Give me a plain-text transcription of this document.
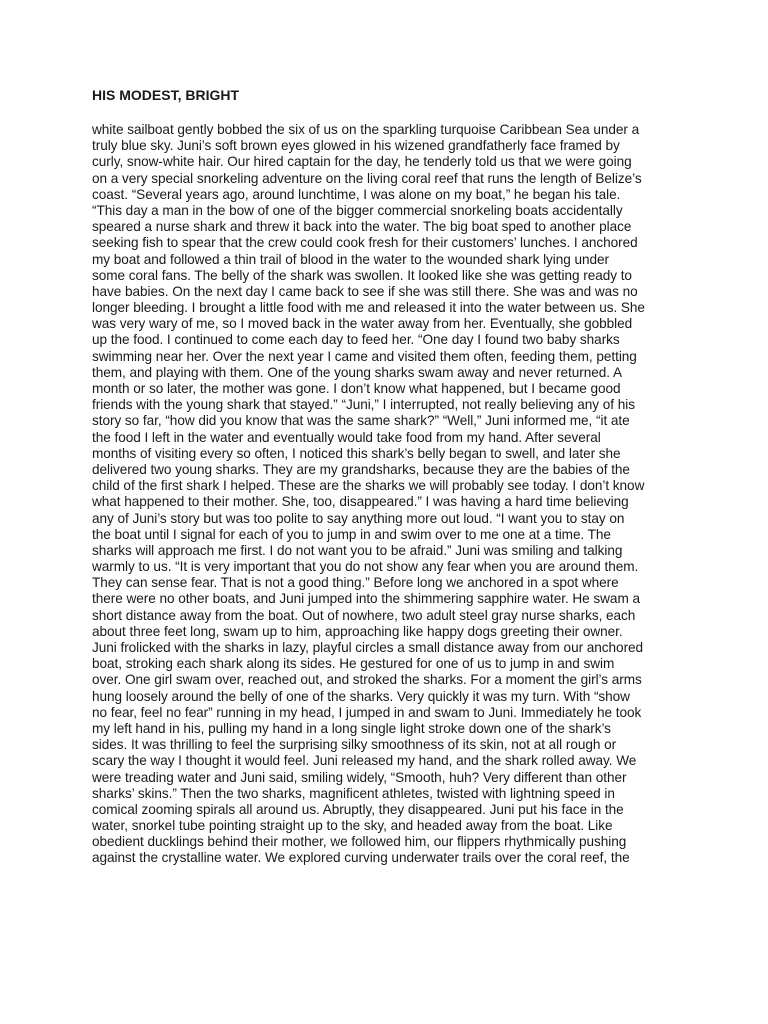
HIS MODEST, BRIGHT
white sailboat gently bobbed the six of us on the sparkling turquoise Caribbean Sea under a
truly blue sky. Juni’s soft brown eyes glowed in his wizened grandfatherly face framed by
curly, snow-white hair. Our hired captain for the day, he tenderly told us that we were going
on a very special snorkeling adventure on the living coral reef that runs the length of Belize’s
coast. “Several years ago, around lunchtime, I was alone on my boat,” he began his tale.
“This day a man in the bow of one of the bigger commercial snorkeling boats accidentally
speared a nurse shark and threw it back into the water. The big boat sped to another place
seeking fish to spear that the crew could cook fresh for their customers’ lunches. I anchored
my boat and followed a thin trail of blood in the water to the wounded shark lying under
some coral fans. The belly of the shark was swollen. It looked like she was getting ready to
have babies. On the next day I came back to see if she was still there. She was and was no
longer bleeding. I brought a little food with me and released it into the water between us. She
was very wary of me, so I moved back in the water away from her. Eventually, she gobbled
up the food. I continued to come each day to feed her. “One day I found two baby sharks
swimming near her. Over the next year I came and visited them often, feeding them, petting
them, and playing with them. One of the young sharks swam away and never returned. A
month or so later, the mother was gone. I don’t know what happened, but I became good
friends with the young shark that stayed.” “Juni,” I interrupted, not really believing any of his
story so far, “how did you know that was the same shark?” “Well,” Juni informed me, “it ate
the food I left in the water and eventually would take food from my hand. After several
months of visiting every so often, I noticed this shark’s belly began to swell, and later she
delivered two young sharks. They are my grandsharks, because they are the babies of the
child of the first shark I helped. These are the sharks we will probably see today. I don’t know
what happened to their mother. She, too, disappeared.” I was having a hard time believing
any of Juni’s story but was too polite to say anything more out loud. “I want you to stay on
the boat until I signal for each of you to jump in and swim over to me one at a time. The
sharks will approach me first. I do not want you to be afraid.” Juni was smiling and talking
warmly to us. “It is very important that you do not show any fear when you are around them.
They can sense fear. That is not a good thing.” Before long we anchored in a spot where
there were no other boats, and Juni jumped into the shimmering sapphire water. He swam a
short distance away from the boat. Out of nowhere, two adult steel gray nurse sharks, each
about three feet long, swam up to him, approaching like happy dogs greeting their owner.
Juni frolicked with the sharks in lazy, playful circles a small distance away from our anchored
boat, stroking each shark along its sides. He gestured for one of us to jump in and swim
over. One girl swam over, reached out, and stroked the sharks. For a moment the girl’s arms
hung loosely around the belly of one of the sharks. Very quickly it was my turn. With “show
no fear, feel no fear” running in my head, I jumped in and swam to Juni. Immediately he took
my left hand in his, pulling my hand in a long single light stroke down one of the shark’s
sides. It was thrilling to feel the surprising silky smoothness of its skin, not at all rough or
scary the way I thought it would feel. Juni released my hand, and the shark rolled away. We
were treading water and Juni said, smiling widely, “Smooth, huh? Very different than other
sharks’ skins.” Then the two sharks, magnificent athletes, twisted with lightning speed in
comical zooming spirals all around us. Abruptly, they disappeared. Juni put his face in the
water, snorkel tube pointing straight up to the sky, and headed away from the boat. Like
obedient ducklings behind their mother, we followed him, our flippers rhythmically pushing
against the crystalline water. We explored curving underwater trails over the coral reef, the
